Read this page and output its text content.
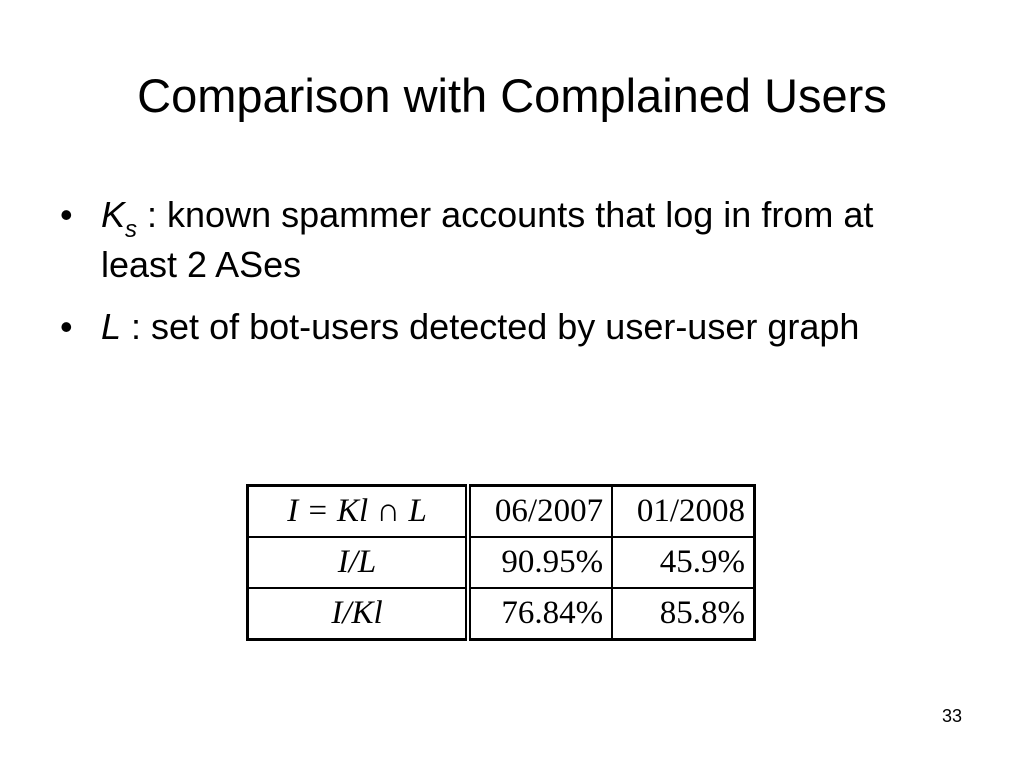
Comparison with Complained Users
• $K_s$ : known spammer accounts that log in from at least 2 ASes
• L : set of bot-users detected by user-user graph
I = Kl ∩ L	06/2007	01/2008
I/L	90.95%	45.9%
I/Kl	76.84%	85.8%
33
